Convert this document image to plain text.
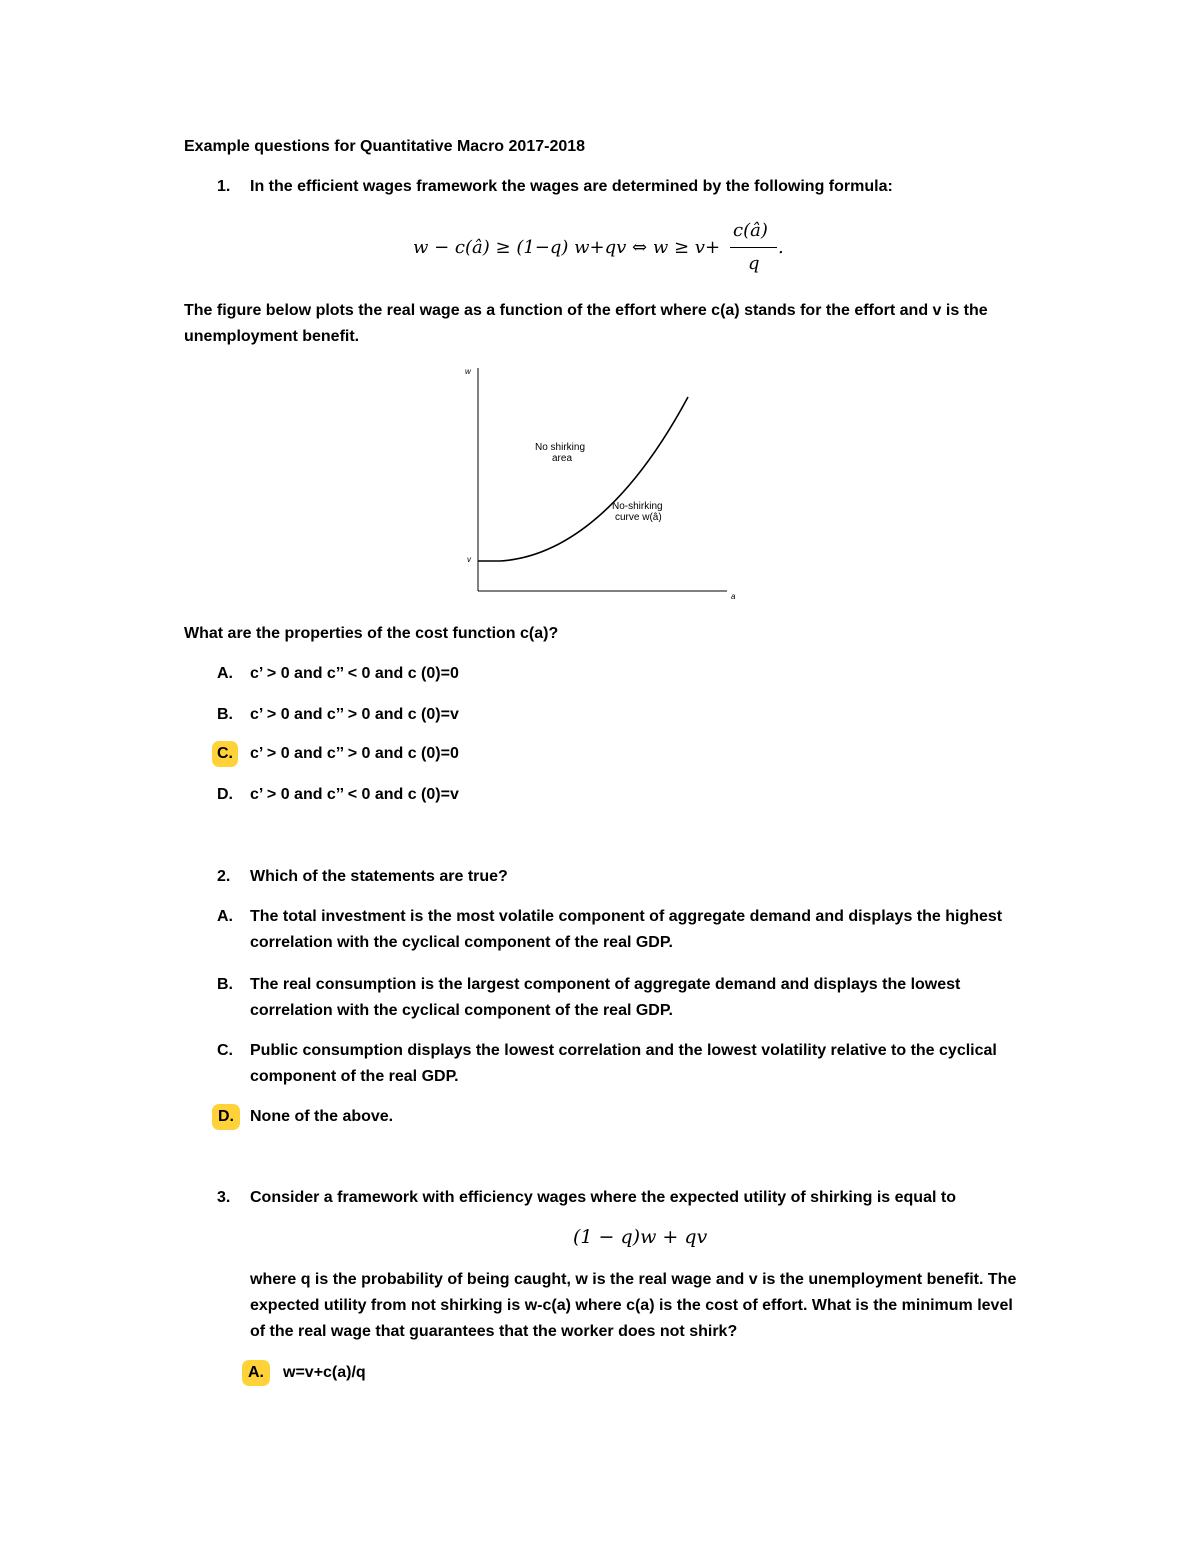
Example questions for Quantitative Macro 2017-2018
1. In the efficient wages framework the wages are determined by the following formula:
w − c(â) ≥ (1−q) w+qv ⇔ w ≥ v+
c(â)
q
.
The figure below plots the real wage as a function of the effort where c(a) stands for the effort and v is the unemployment benefit.
w
a
v
No shirking
area
No-shirking
curve w(â)
What are the properties of the cost function c(a)?
A. c’ > 0 and c’’ < 0 and c (0)=0
B. c’ > 0 and c’’ > 0 and c (0)=v
C.	c’ > 0 and c’’ > 0 and c (0)=0
D. c’ > 0 and c’’ < 0 and c (0)=v
2. Which of the statements are true?
A. The total investment is the most volatile component of aggregate demand and displays the highest correlation with the cyclical component of the real GDP.
B. The real consumption is the largest component of aggregate demand and displays the lowest correlation with the cyclical component of the real GDP.
C. Public consumption displays the lowest correlation and the lowest volatility relative to the cyclical component of the real GDP.
D.	None of the above.
3. Consider a framework with efficiency wages where the expected utility of shirking is equal to
(1 − q)w + qv
where q is the probability of being caught, w is the real wage and v is the unemployment benefit. The expected utility from not shirking is w-c(a) where c(a) is the cost of effort. What is the minimum level of the real wage that guarantees that the worker does not shirk?
A.	w=v+c(a)/q
